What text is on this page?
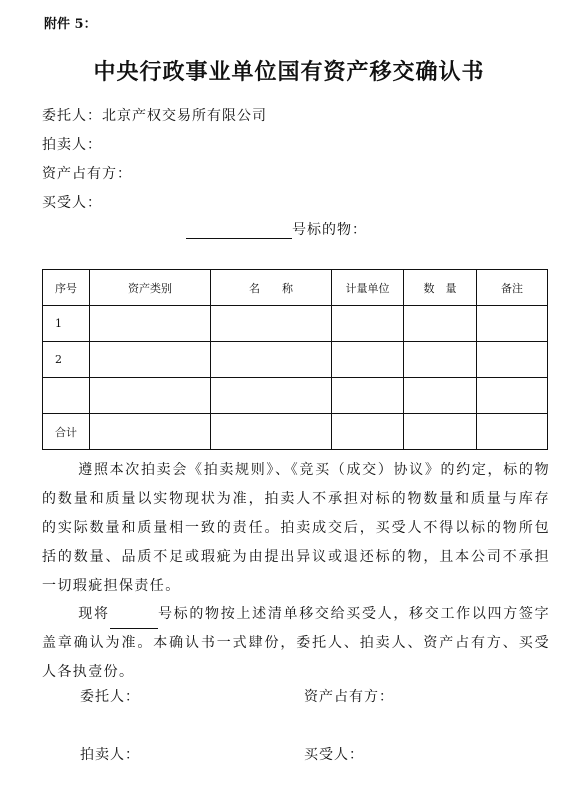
附件 5：
中央行政事业单位国有资产移交确认书
委托人：北京产权交易所有限公司
拍卖人：
资产占有方：
买受人：
号标的物：
序号	资产类别	名　　称	计量单位	数　量	备注
1					
2					

合计					
遵照本次拍卖会《拍卖规则》、《竞买（成交）协议》的约定，标的物的数量和质量以实物现状为准，拍卖人不承担对标的物数量和质量与库存的实际数量和质量相一致的责任。拍卖成交后，买受人不得以标的物所包括的数量、品质不足或瑕疵为由提出异议或退还标的物，且本公司不承担一切瑕疵担保责任。
现将	号标的物按上述清单移交给买受人，移交工作以四方签字盖章确认为准。本确认书一式肆份，委托人、拍卖人、资产占有方、买受人各执壹份。
委托人：	资产占有方：
拍卖人：	买受人：
